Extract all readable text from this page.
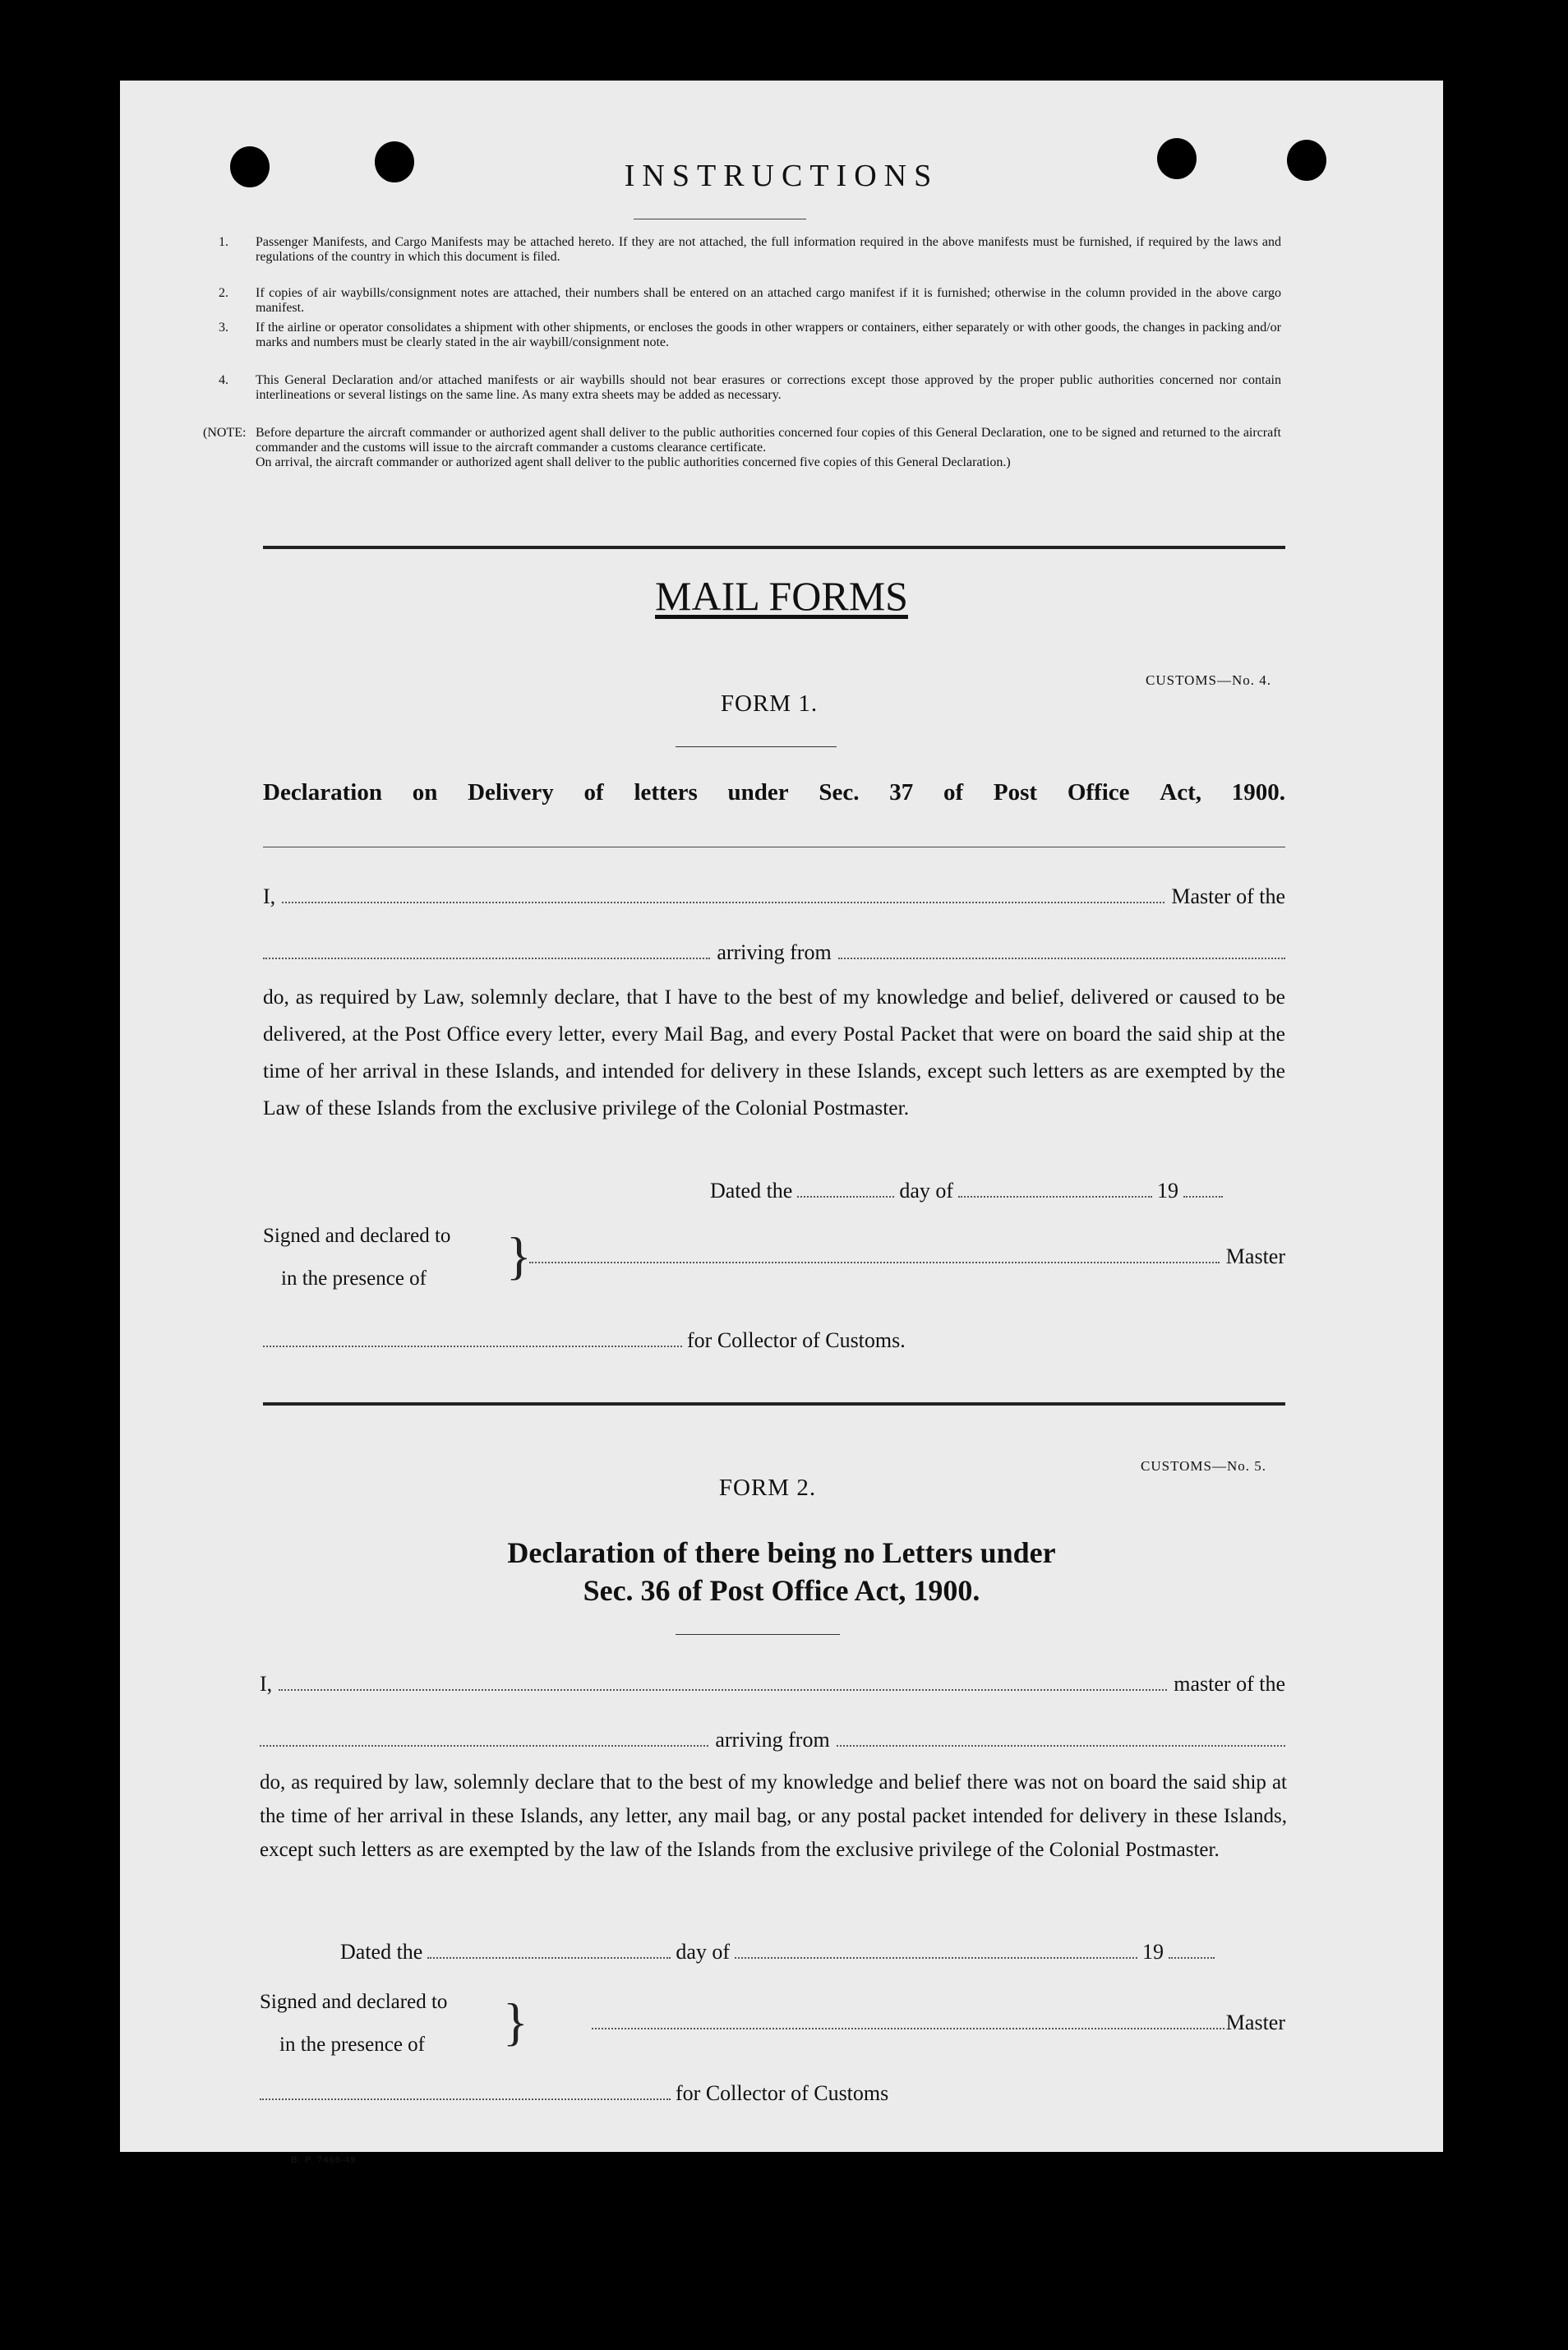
INSTRUCTIONS
1. Passenger Manifests, and Cargo Manifests may be attached hereto. If they are not attached, the full information required in the above manifests must be furnished, if required by the laws and regulations of the country in which this document is filed.
2. If copies of air waybills/consignment notes are attached, their numbers shall be entered on an attached cargo manifest if it is furnished; otherwise in the column provided in the above cargo manifest.
3. If the airline or operator consolidates a shipment with other shipments, or encloses the goods in other wrappers or containers, either separately or with other goods, the changes in packing and/or marks and numbers must be clearly stated in the air waybill/consignment note.
4. This General Declaration and/or attached manifests or air waybills should not bear erasures or corrections except those approved by the proper public authorities concerned nor contain interlineations or several listings on the same line. As many extra sheets may be added as necessary.
(NOTE: Before departure the aircraft commander or authorized agent shall deliver to the public authorities concerned four copies of this General Declaration, one to be signed and returned to the aircraft commander and the customs will issue to the aircraft commander a customs clearance certificate.
On arrival, the aircraft commander or authorized agent shall deliver to the public authorities concerned five copies of this General Declaration.)
MAIL FORMS
CUSTOMS—No. 4.
FORM 1.
Declaration on Delivery of letters under Sec. 37 of Post Office Act, 1900.
I,	Master of the
arriving from
do, as required by Law, solemnly declare, that I have to the best of my knowledge and belief, delivered or caused to be delivered, at the Post Office every letter, every Mail Bag, and every Postal Packet that were on board the said ship at the time of her arrival in these Islands, and intended for delivery in these Islands, except such letters as are exempted by the Law of these Islands from the exclusive privilege of the Colonial Postmaster.
Dated the	day of	19
Signed and declared to
in the presence of }	Master
for Collector of Customs.
CUSTOMS—No. 5.
FORM 2.
Declaration of there being no Letters under
Sec. 36 of Post Office Act, 1900.
I,	master of the
arriving from
do, as required by law, solemnly declare that to the best of my knowledge and belief there was not on board the said ship at the time of her arrival in these Islands, any letter, any mail bag, or any postal packet intended for delivery in these Islands, except such letters as are exempted by the law of the Islands from the exclusive privilege of the Colonial Postmaster.
Dated the	day of	19
Signed and declared to
in the presence of }	Master
for Collector of Customs
B. P. 7469-49
